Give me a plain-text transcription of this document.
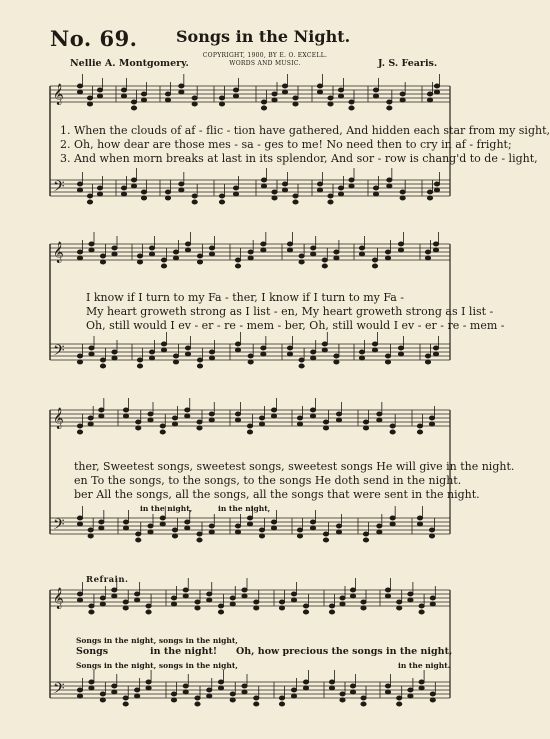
No. 69. Songs in the Night.
COPYRIGHT, 1900, BY E. O. EXCELL.
WORDS AND MUSIC.
Nellie A. Montgomery.	J. S. Fearis.
𝄞
𝄢
𝄞
𝄢
𝄞
𝄢
𝄞
𝄢
1. When the clouds of af - flic - tion have gathered, And hidden each star from my sight,
2. Oh, how dear are those mes - sa - ges to me! No need then to cry in af - fright;
3. And when morn breaks at last in its splendor, And sor - row is chang'd to de - light,
I know if I turn to my Fa - ther, I know if I turn to my Fa -
My heart groweth strong as I list - en, My heart groweth strong as I list -
Oh, still would I ev - er - re - mem - ber, Oh, still would I ev - er - re - mem -
ther, Sweetest songs, sweetest songs, sweetest songs He will give in the night.
en To the songs, to the songs, to the songs He doth send in the night.
ber All the songs, all the songs, all the songs that were sent in the night.
in the night,	in the night,
Refrain.
Songs in the night, songs in the night,
Songs	in the night! Oh, how precious the songs in the night,
Songs in the night, songs in the night,	in the night.
